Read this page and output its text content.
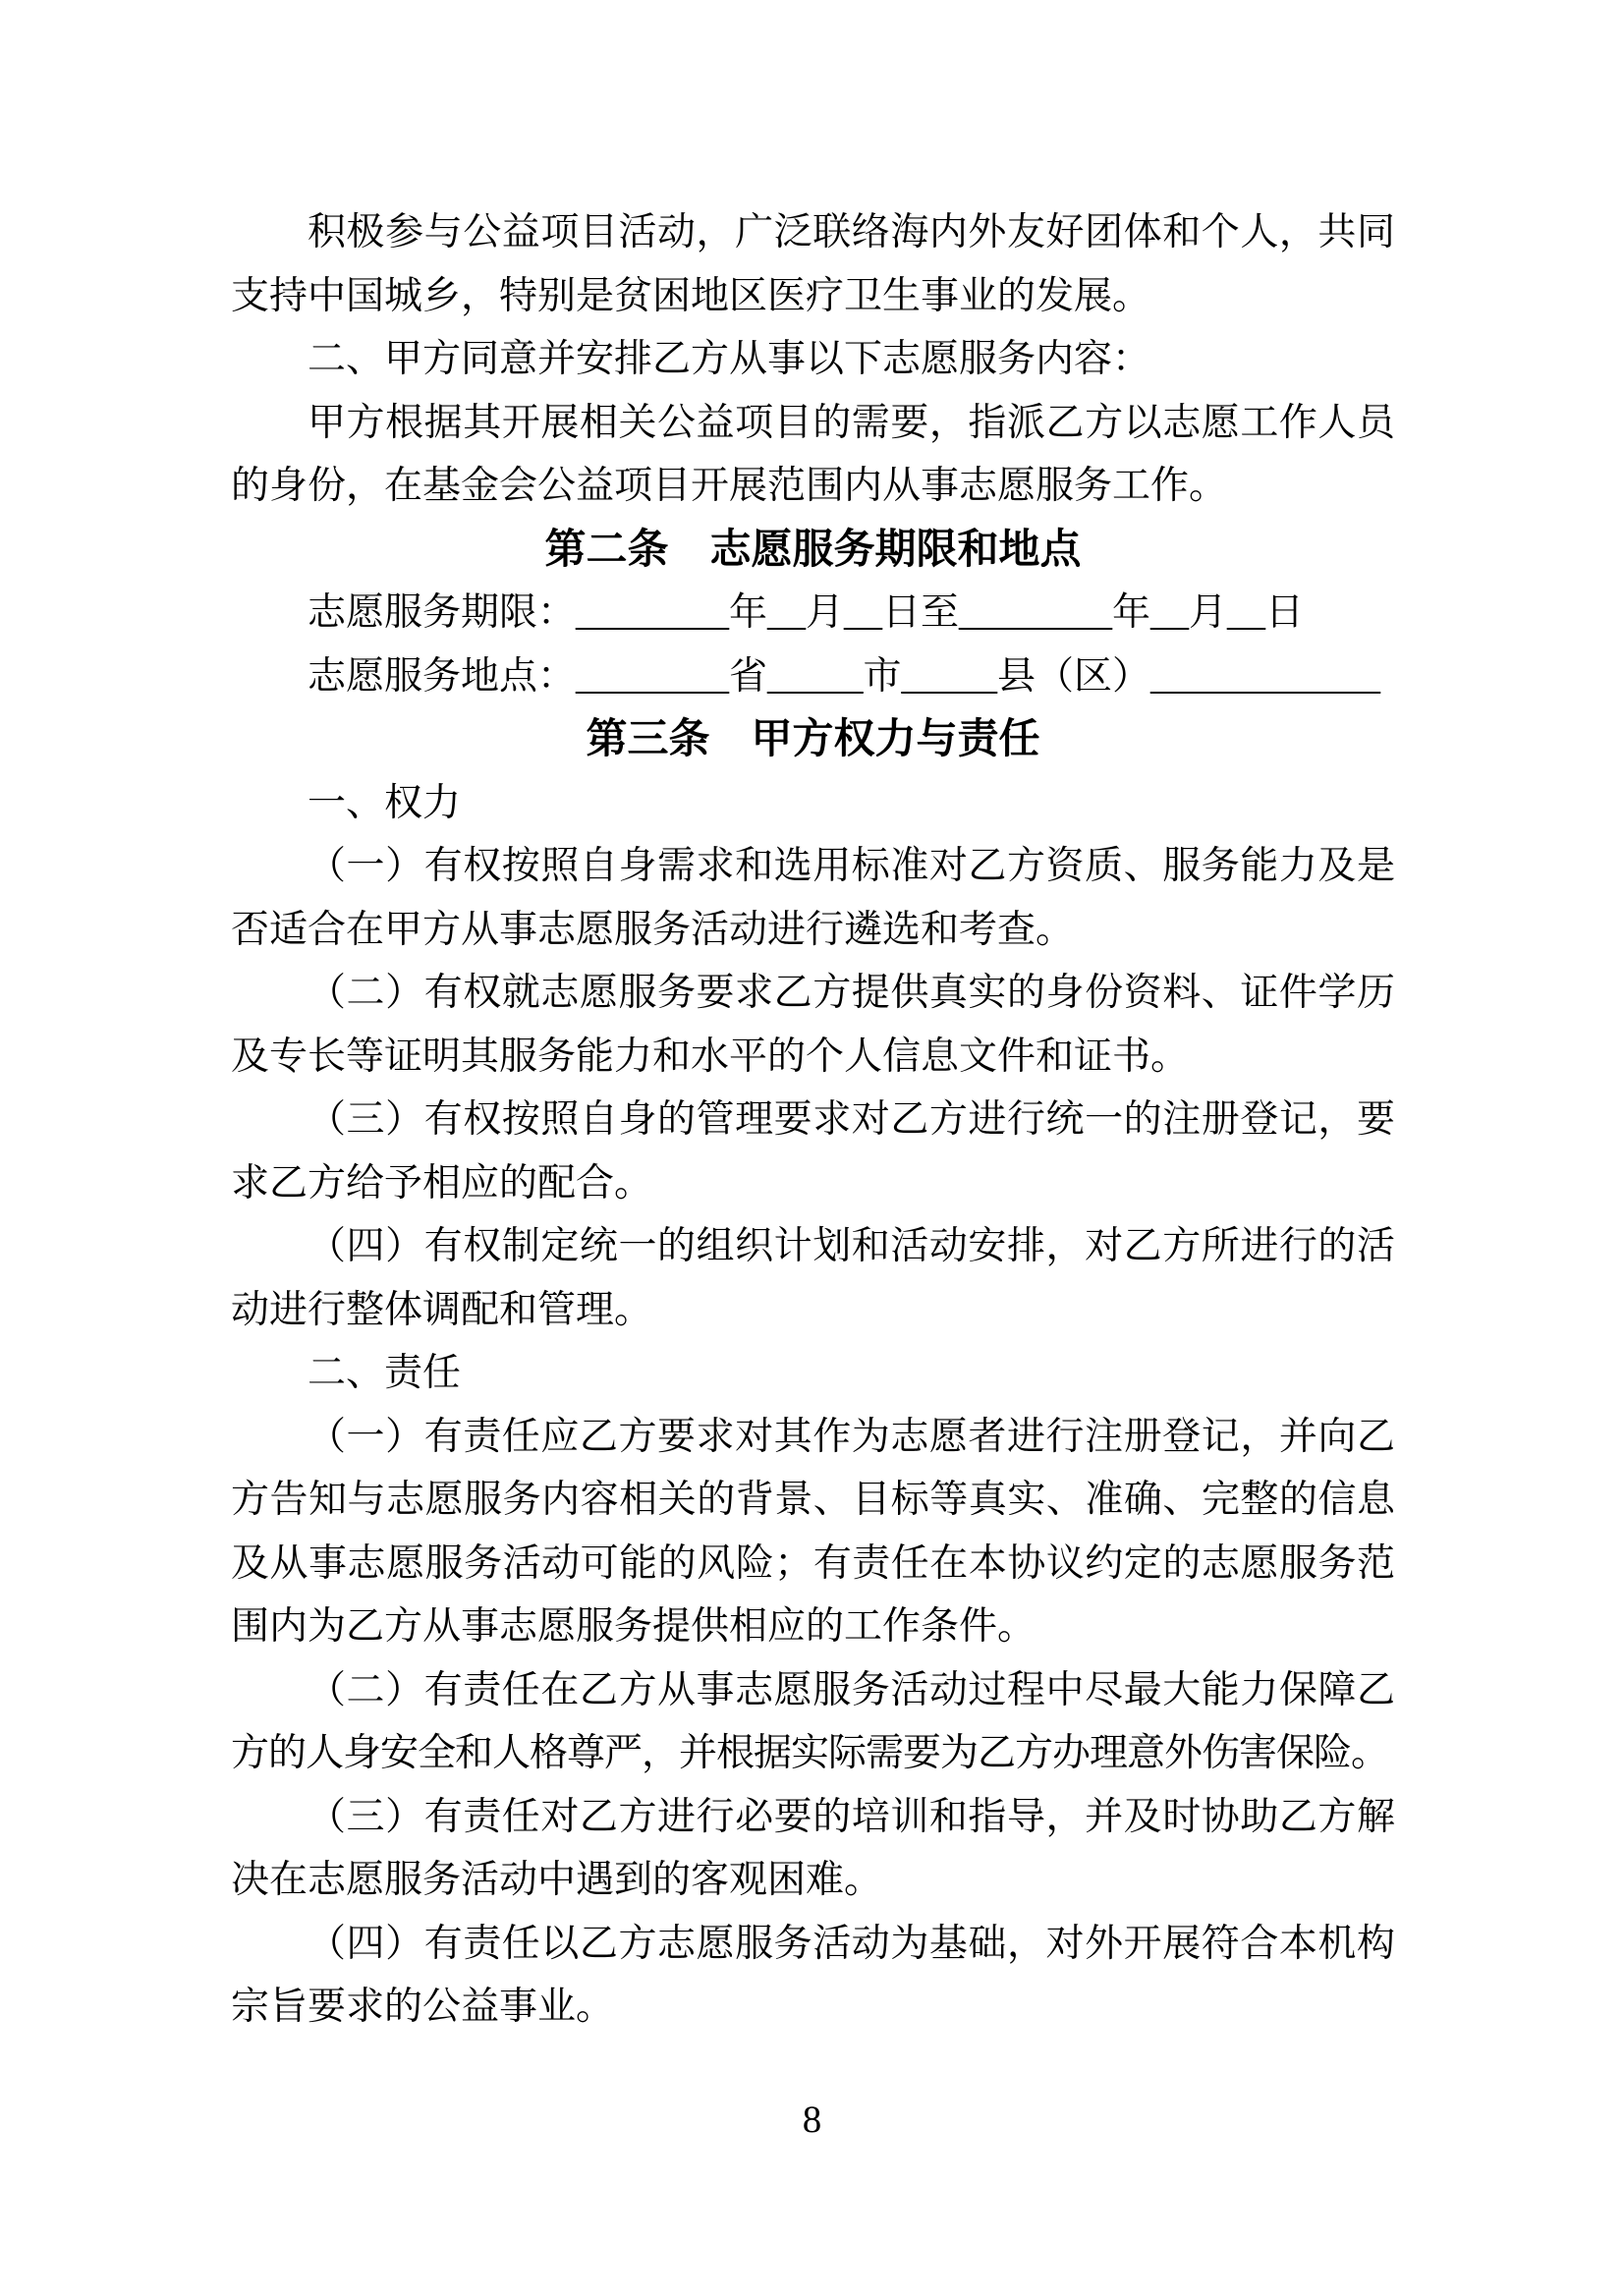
积极参与公益项目活动，广泛联络海内外友好团体和个人，共同
支持中国城乡，特别是贫困地区医疗卫生事业的发展。
二、甲方同意并安排乙方从事以下志愿服务内容：
甲方根据其开展相关公益项目的需要，指派乙方以志愿工作人员
的身份，在基金会公益项目开展范围内从事志愿服务工作。
第二条　志愿服务期限和地点
志愿服务期限：________年__月__日至________年__月__日
志愿服务地点：________省_____市_____县（区）____________
第三条　甲方权力与责任
一、权力
（一）有权按照自身需求和选用标准对乙方资质、服务能力及是
否适合在甲方从事志愿服务活动进行遴选和考查。
（二）有权就志愿服务要求乙方提供真实的身份资料、证件学历
及专长等证明其服务能力和水平的个人信息文件和证书。
（三）有权按照自身的管理要求对乙方进行统一的注册登记，要
求乙方给予相应的配合。
（四）有权制定统一的组织计划和活动安排，对乙方所进行的活
动进行整体调配和管理。
二、责任
（一）有责任应乙方要求对其作为志愿者进行注册登记，并向乙
方告知与志愿服务内容相关的背景、目标等真实、准确、完整的信息
及从事志愿服务活动可能的风险；有责任在本协议约定的志愿服务范
围内为乙方从事志愿服务提供相应的工作条件。
（二）有责任在乙方从事志愿服务活动过程中尽最大能力保障乙
方的人身安全和人格尊严，并根据实际需要为乙方办理意外伤害保险。
（三）有责任对乙方进行必要的培训和指导，并及时协助乙方解
决在志愿服务活动中遇到的客观困难。
（四）有责任以乙方志愿服务活动为基础，对外开展符合本机构
宗旨要求的公益事业。
8
